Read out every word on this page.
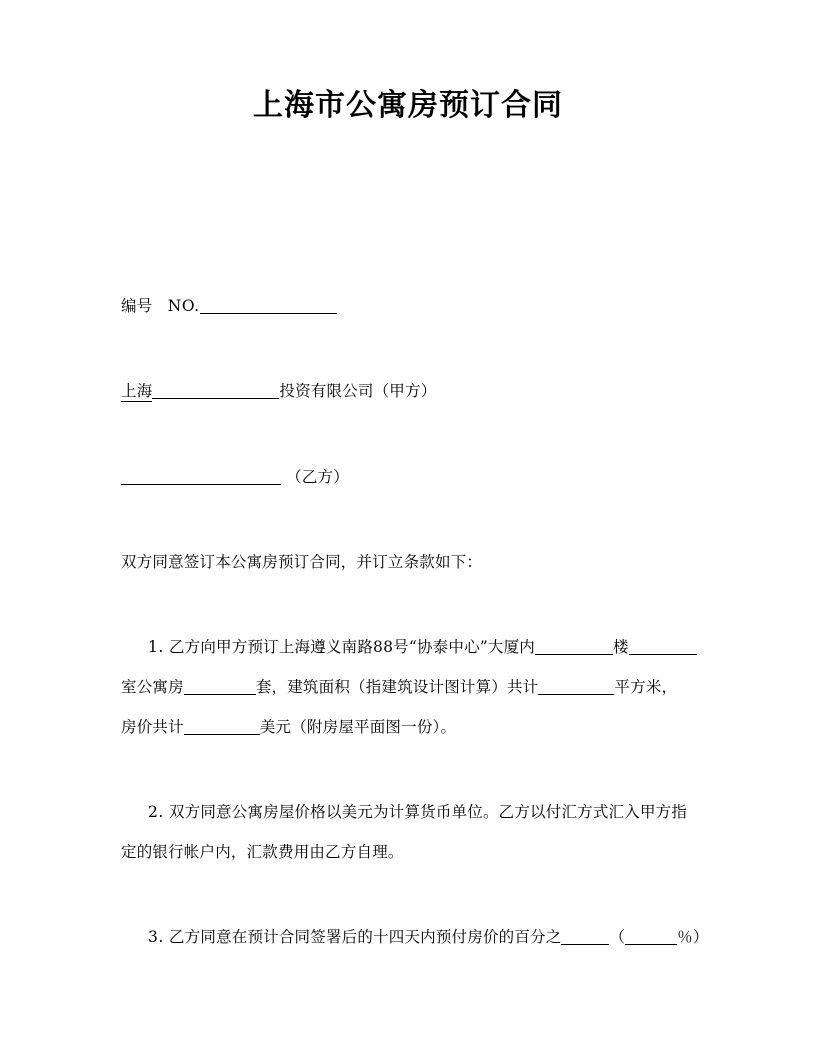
上海市公寓房预订合同
编号 NO.
上海	投资有限公司（甲方）
（乙方）
双方同意签订本公寓房预订合同，并订立条款如下：
1. 乙方向甲方预订上海遵义南路88号“协泰中心”大厦内	楼
室公寓房	套，建筑面积（指建筑设计图计算）共计	平方米，
房价共计	美元（附房屋平面图一份）。
2. 双方同意公寓房屋价格以美元为计算货币单位。乙方以付汇方式汇入甲方指
定的银行帐户内，汇款费用由乙方自理。
3. 乙方同意在预计合同签署后的十四天内预付房价的百分之	（	％）
